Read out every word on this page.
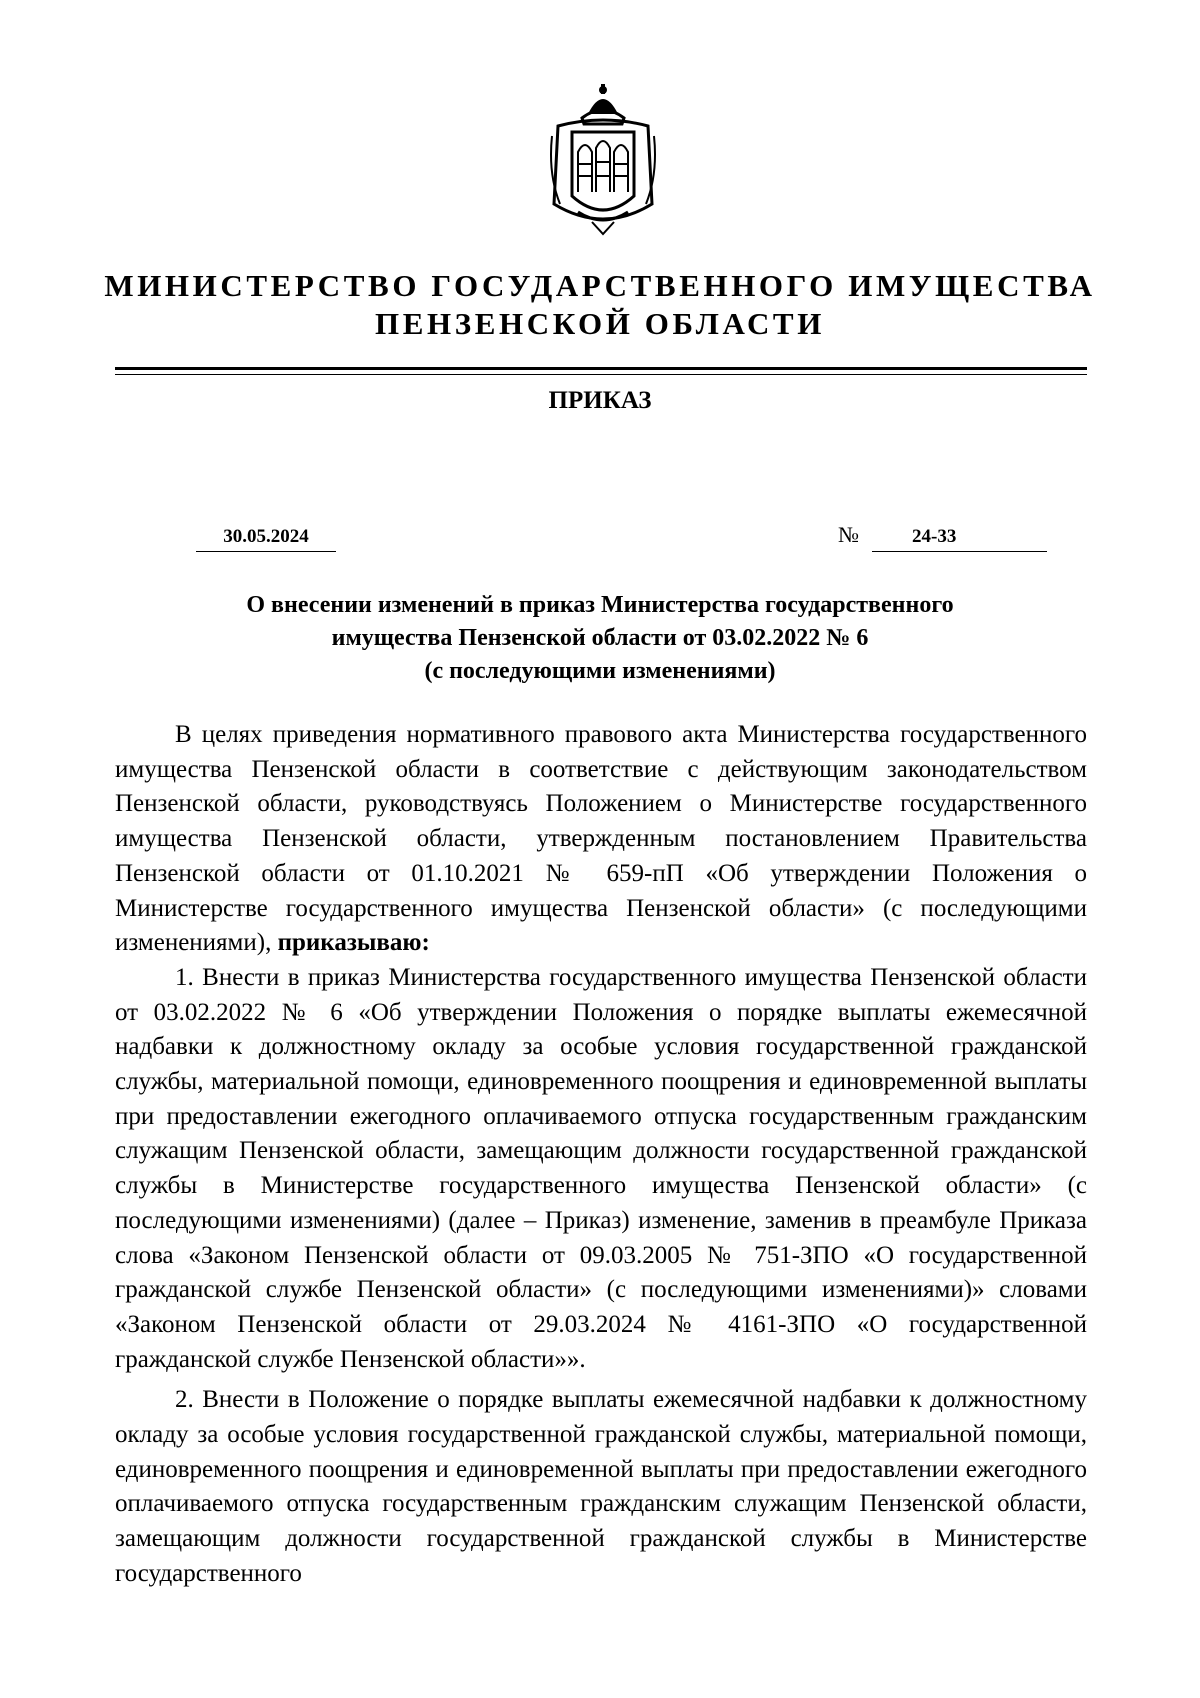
МИНИСТЕРСТВО ГОСУДАРСТВЕННОГО ИМУЩЕСТВА
ПЕНЗЕНСКОЙ ОБЛАСТИ
ПРИКАЗ
30.05.2024	№	24-33
О внесении изменений в приказ Министерства государственного
имущества Пензенской области от 03.02.2022 № 6
(с последующими изменениями)

В целях приведения нормативного правового акта Министерства государственного имущества Пензенской области в соответствие с действующим законодательством Пензенской области, руководствуясь Положением о Министерстве государственного имущества Пензенской области, утвержденным постановлением Правительства Пензенской области от 01.10.2021 № 659-пП «Об утверждении Положения о Министерстве государственного имущества Пензенской области» (с последующими изменениями), приказываю:

1. Внести в приказ Министерства государственного имущества Пензенской области от 03.02.2022 № 6 «Об утверждении Положения о порядке выплаты ежемесячной надбавки к должностному окладу за особые условия государственной гражданской службы, материальной помощи, единовременного поощрения и единовременной выплаты при предоставлении ежегодного оплачиваемого отпуска государственным гражданским служащим Пензенской области, замещающим должности государственной гражданской службы в Министерстве государственного имущества Пензенской области» (с последующими изменениями) (далее – Приказ) изменение, заменив в преамбуле Приказа слова «Законом Пензенской области от 09.03.2005 № 751-ЗПО «О государственной гражданской службе Пензенской области» (с последующими изменениями)» словами «Законом Пензенской области от 29.03.2024 № 4161-ЗПО «О государственной гражданской службе Пензенской области»».

2. Внести в Положение о порядке выплаты ежемесячной надбавки к должностному окладу за особые условия государственной гражданской службы, материальной помощи, единовременного поощрения и единовременной выплаты при предоставлении ежегодного оплачиваемого отпуска государственным гражданским служащим Пензенской области, замещающим должности государственной гражданской службы в Министерстве государственного
